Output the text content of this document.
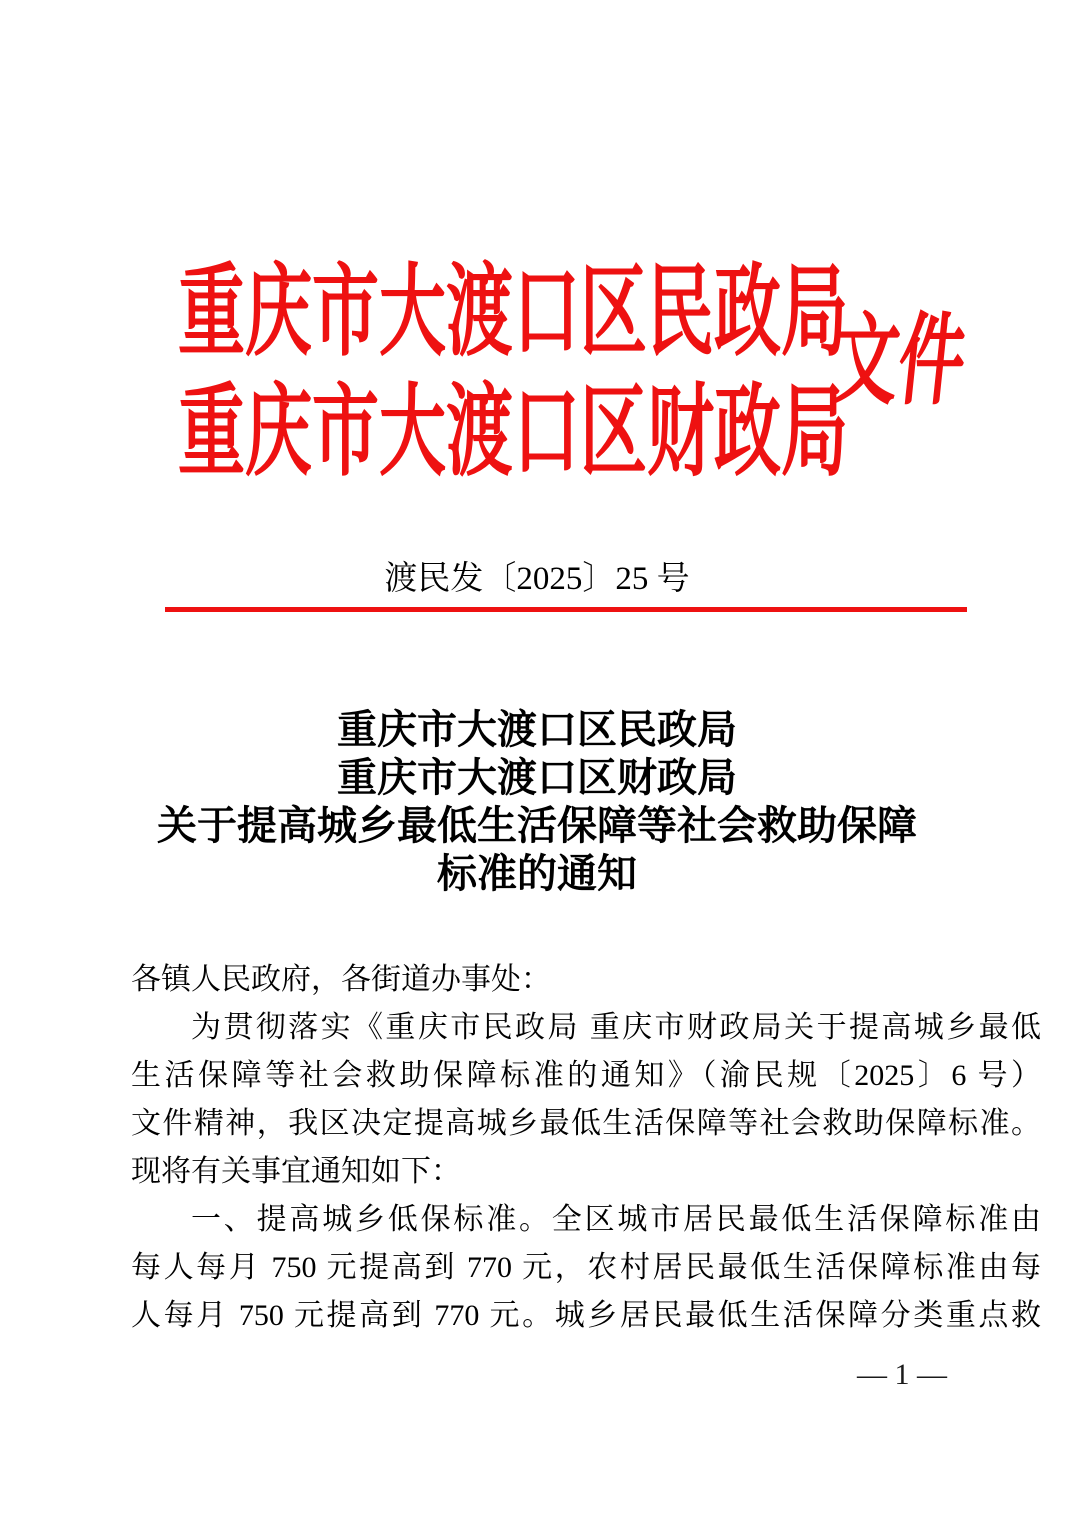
重庆市大渡口区民政局
重庆市大渡口区财政局
文件
渡民发〔2025〕25 号
重庆市大渡口区民政局
重庆市大渡口区财政局
关于提高城乡最低生活保障等社会救助保障
标准的通知
各镇人民政府，各街道办事处：
为贯彻落实《重庆市民政局 重庆市财政局关于提高城乡最低
生活保障等社会救助保障标准的通知》（渝民规〔2025〕6 号）
文件精神，我区决定提高城乡最低生活保障等社会救助保障标准。
现将有关事宜通知如下：
一、提高城乡低保标准。全区城市居民最低生活保障标准由
每人每月 750 元提高到 770 元，农村居民最低生活保障标准由每
人每月 750 元提高到 770 元。城乡居民最低生活保障分类重点救
— 1 —
